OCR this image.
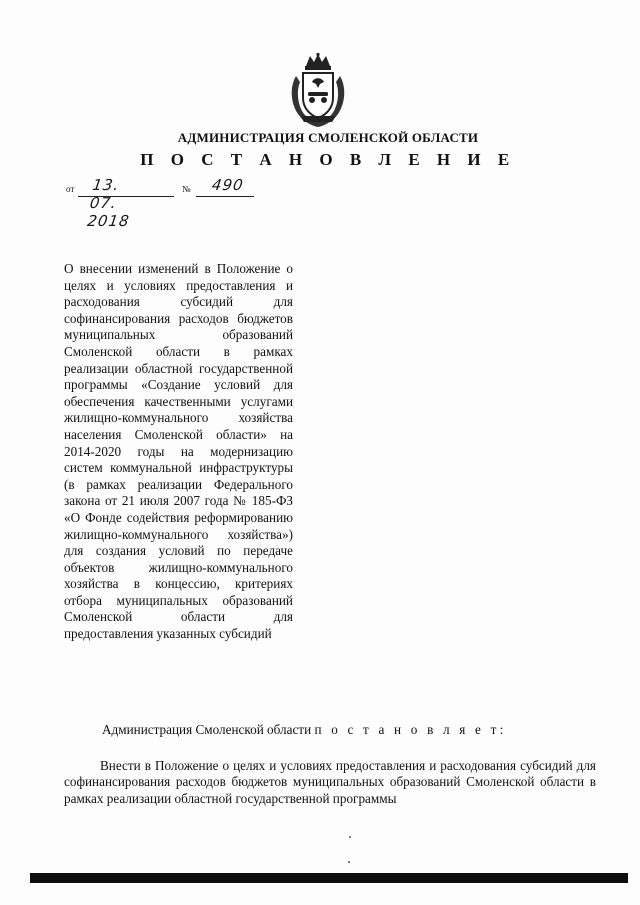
АДМИНИСТРАЦИЯ СМОЛЕНСКОЙ ОБЛАСТИ
П О С Т А Н О В Л Е Н И Е
от	13. 07. 2018
№ 490

О внесении изменений в Положение о целях и условиях предоставления и расходования субсидий для софинансирования расходов бюджетов муниципальных образований Смоленской области в рамках реализации областной государственной программы «Создание условий для обеспечения качественными услугами жилищно-коммунального хозяйства населения Смоленской области» на 2014-2020 годы на модернизацию систем коммунальной инфраструктуры (в рамках реализации Федерального закона от 21 июля 2007 года № 185-ФЗ «О Фонде содействия реформированию жилищно-коммунального хозяйства») для создания условий по передаче объектов жилищно-коммунального хозяйства в концессию, критериях отбора муниципальных образований Смоленской области для предоставления указанных субсидий

Администрация Смоленской области п о с т а н о в л я е т:

Внести в Положение о целях и условиях предоставления и расходования субсидий для софинансирования расходов бюджетов муниципальных образований Смоленской области в рамках реализации областной государственной программы
